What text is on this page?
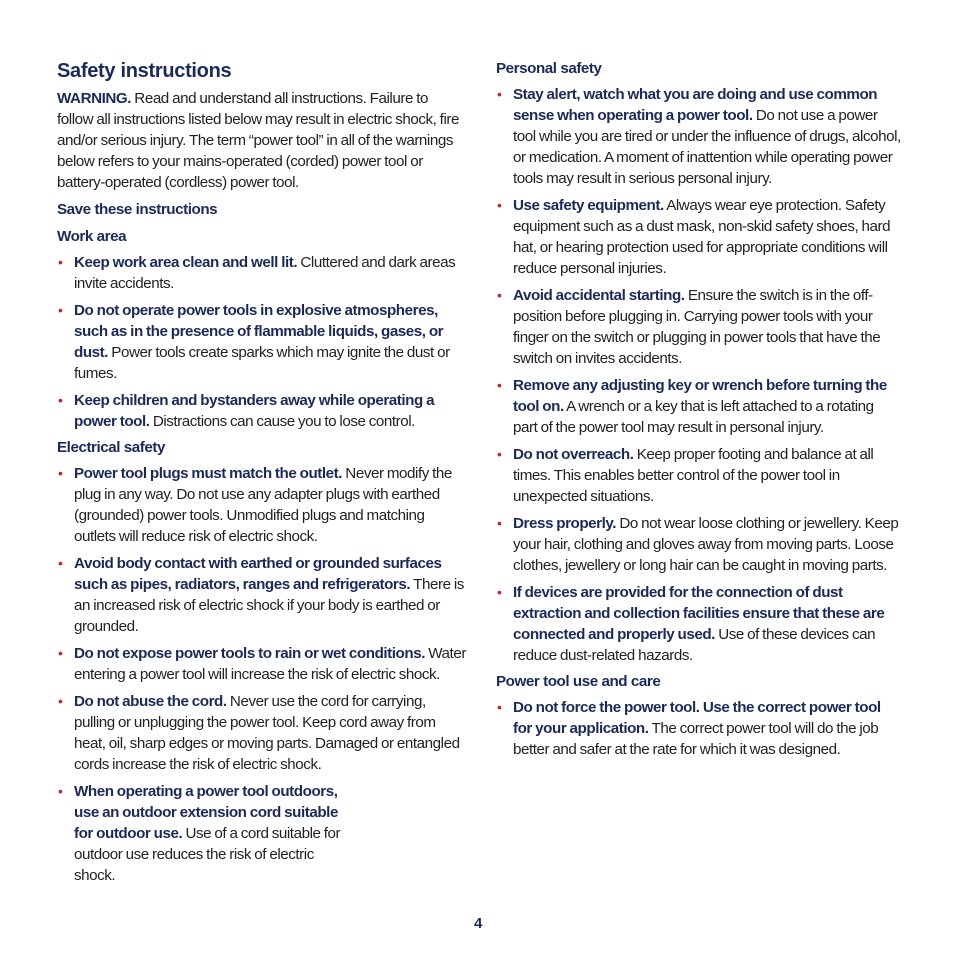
Safety instructions

WARNING. Read and understand all instructions. Failure to follow all instructions listed below may result in electric shock, fire and/or serious injury. The term “power tool” in all of the warnings below refers to your mains-operated (corded) power tool or battery-operated (cordless) power tool.

Save these instructions
Work area
• Keep work area clean and well lit. Cluttered and dark areas invite accidents.
• Do not operate power tools in explosive atmospheres, such as in the presence of flammable liquids, gases, or dust. Power tools create sparks which may ignite the dust or fumes.
• Keep children and bystanders away while operating a power tool. Distractions can cause you to lose control.
Electrical safety
• Power tool plugs must match the outlet. Never modify the plug in any way. Do not use any adapter plugs with earthed (grounded) power tools. Unmodified plugs and matching outlets will reduce risk of electric shock.
• Avoid body contact with earthed or grounded surfaces such as pipes, radiators, ranges and refrigerators. There is an increased risk of electric shock if your body is earthed or grounded.
• Do not expose power tools to rain or wet conditions. Water entering a power tool will increase the risk of electric shock.
• Do not abuse the cord. Never use the cord for carrying, pulling or unplugging the power tool. Keep cord away from heat, oil, sharp edges or moving parts. Damaged or entangled cords increase the risk of electric shock.
• When operating a power tool outdoors, use an outdoor extension cord suitable for outdoor use. Use of a cord suitable for outdoor use reduces the risk of electric shock.
Personal safety
• Stay alert, watch what you are doing and use common sense when operating a power tool. Do not use a power tool while you are tired or under the influence of drugs, alcohol, or medication. A moment of inattention while operating power tools may result in serious personal injury.
• Use safety equipment. Always wear eye protection. Safety equipment such as a dust mask, non-skid safety shoes, hard hat, or hearing protection used for appropriate conditions will reduce personal injuries.
• Avoid accidental starting. Ensure the switch is in the off-position before plugging in. Carrying power tools with your finger on the switch or plugging in power tools that have the switch on invites accidents.
• Remove any adjusting key or wrench before turning the tool on. A wrench or a key that is left attached to a rotating part of the power tool may result in personal injury.
• Do not overreach. Keep proper footing and balance at all times. This enables better control of the power tool in unexpected situations.
• Dress properly. Do not wear loose clothing or jewellery. Keep your hair, clothing and gloves away from moving parts. Loose clothes, jewellery or long hair can be caught in moving parts.
• If devices are provided for the connection of dust extraction and collection facilities ensure that these are connected and properly used. Use of these devices can reduce dust-related hazards.
Power tool use and care
• Do not force the power tool. Use the correct power tool for your application. The correct power tool will do the job better and safer at the rate for which it was designed.
4
